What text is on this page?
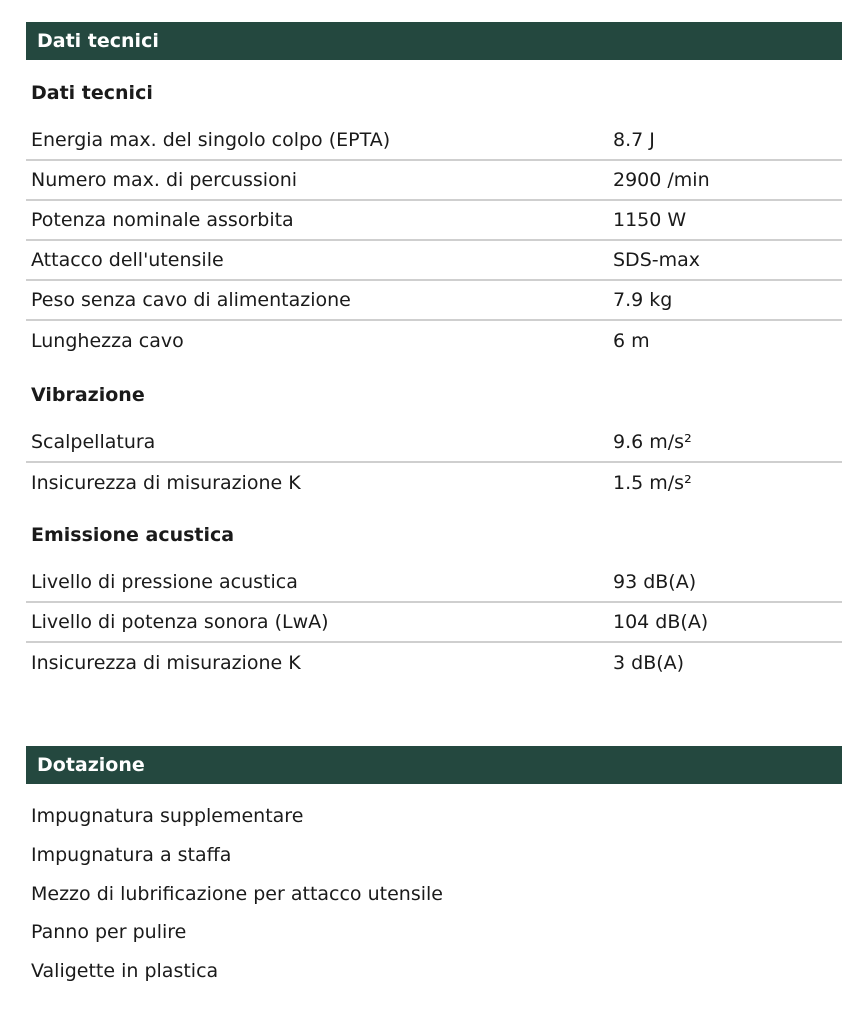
Dati tecnici
Dati tecnici
Energia max. del singolo colpo (EPTA)	8.7 J
Numero max. di percussioni	2900 /min
Potenza nominale assorbita	1150 W
Attacco dell'utensile	SDS-max
Peso senza cavo di alimentazione	7.9 kg
Lunghezza cavo	6 m
Vibrazione
Scalpellatura	9.6 m/s²
Insicurezza di misurazione K	1.5 m/s²
Emissione acustica
Livello di pressione acustica	93 dB(A)
Livello di potenza sonora (LwA)	104 dB(A)
Insicurezza di misurazione K	3 dB(A)
Dotazione
Impugnatura supplementare
Impugnatura a staffa
Mezzo di lubrificazione per attacco utensile
Panno per pulire
Valigette in plastica
